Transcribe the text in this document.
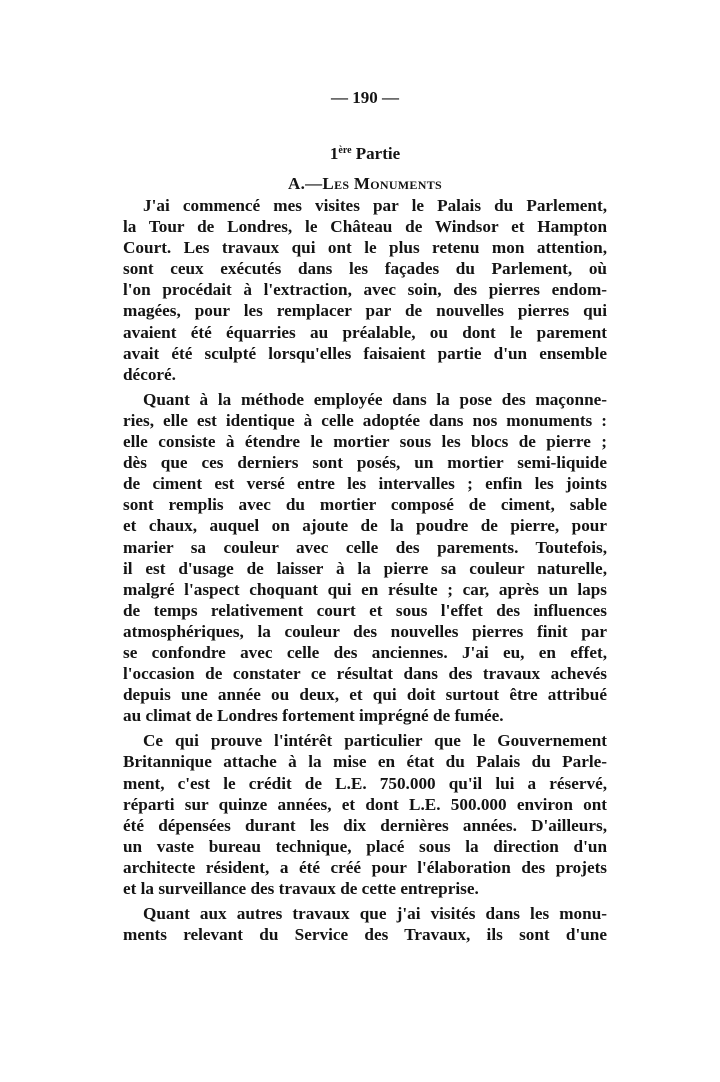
— 190 —
1ère Partie
A.—Les Monuments
J'ai commencé mes visites par le Palais du Parlement,
la Tour de Londres, le Château de Windsor et Hampton
Court. Les travaux qui ont le plus retenu mon attention,
sont ceux exécutés dans les façades du Parlement, où
l'on procédait à l'extraction, avec soin, des pierres endom-
magées, pour les remplacer par de nouvelles pierres qui
avaient été équarries au préalable, ou dont le parement
avait été sculpté lorsqu'elles faisaient partie d'un ensemble
décoré.
Quant à la méthode employée dans la pose des maçonne-
ries, elle est identique à celle adoptée dans nos monuments :
elle consiste à étendre le mortier sous les blocs de pierre ;
dès que ces derniers sont posés, un mortier semi-liquide
de ciment est versé entre les intervalles ; enfin les joints
sont remplis avec du mortier composé de ciment, sable
et chaux, auquel on ajoute de la poudre de pierre, pour
marier sa couleur avec celle des parements. Toutefois,
il est d'usage de laisser à la pierre sa couleur naturelle,
malgré l'aspect choquant qui en résulte ; car, après un laps
de temps relativement court et sous l'effet des influences
atmosphériques, la couleur des nouvelles pierres finit par
se confondre avec celle des anciennes. J'ai eu, en effet,
l'occasion de constater ce résultat dans des travaux achevés
depuis une année ou deux, et qui doit surtout être attribué
au climat de Londres fortement imprégné de fumée.
Ce qui prouve l'intérêt particulier que le Gouvernement
Britannique attache à la mise en état du Palais du Parle-
ment, c'est le crédit de L.E. 750.000 qu'il lui a réservé,
réparti sur quinze années, et dont L.E. 500.000 environ ont
été dépensées durant les dix dernières années. D'ailleurs,
un vaste bureau technique, placé sous la direction d'un
architecte résident, a été créé pour l'élaboration des projets
et la surveillance des travaux de cette entreprise.
Quant aux autres travaux que j'ai visités dans les monu-
ments relevant du Service des Travaux, ils sont d'une
